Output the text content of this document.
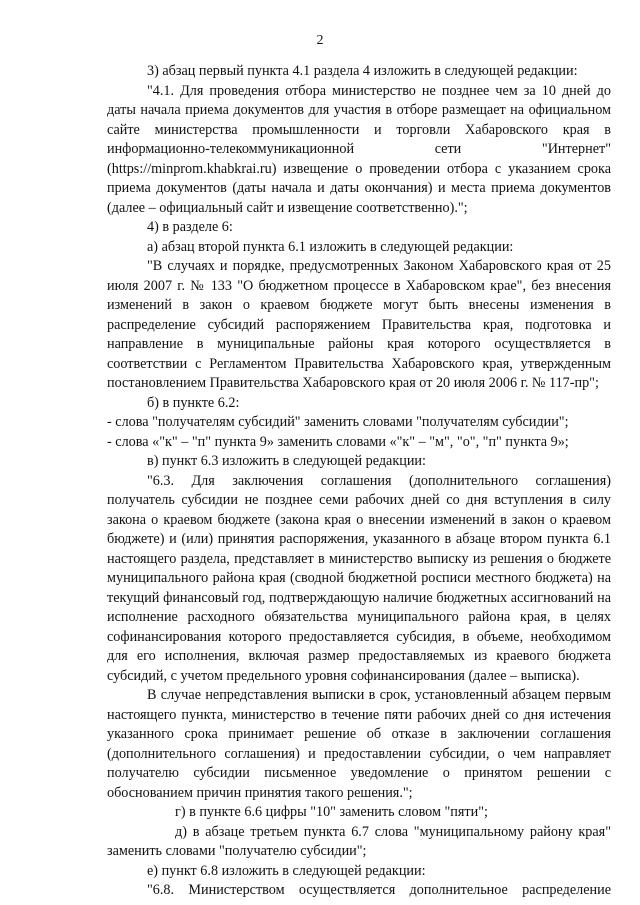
2

3) абзац первый пункта 4.1 раздела 4 изложить в следующей редакции:

"4.1. Для проведения отбора министерство не позднее чем за 10 дней до даты начала приема документов для участия в отборе размещает на официальном сайте министерства промышленности и торговли Хабаровского края в информационно-телекоммуникационной сети "Интернет" (https://minprom.khabkrai.ru) извещение о проведении отбора с указанием срока приема документов (даты начала и даты окончания) и места приема документов (далее – официальный сайт и извещение соответственно).";

4) в разделе 6:

а) абзац второй пункта 6.1 изложить в следующей редакции:

"В случаях и порядке, предусмотренных Законом Хабаровского края от 25 июля 2007 г. № 133 "О бюджетном процессе в Хабаровском крае", без внесения изменений в закон о краевом бюджете могут быть внесены изменения в распределение субсидий распоряжением Правительства края, подготовка и направление в муниципальные районы края которого осуществляется в соответствии с Регламентом Правительства Хабаровского края, утвержденным постановлением Правительства Хабаровского края от 20 июля 2006 г. № 117-пр";

б) в пункте 6.2:

- слова "получателям субсидий" заменить словами "получателям субсидии";

- слова «"к" – "п" пункта 9» заменить словами «"к" – "м", "о", "п" пункта 9»;

в) пункт 6.3 изложить в следующей редакции:

"6.3. Для заключения соглашения (дополнительного соглашения) получатель субсидии не позднее семи рабочих дней со дня вступления в силу закона о краевом бюджете (закона края о внесении изменений в закон о краевом бюджете) и (или) принятия распоряжения, указанного в абзаце втором пункта 6.1 настоящего раздела, представляет в министерство выписку из решения о бюджете муниципального района края (сводной бюджетной росписи местного бюджета) на текущий финансовый год, подтверждающую наличие бюджетных ассигнований на исполнение расходного обязательства муниципального района края, в целях софинансирования которого предоставляется субсидия, в объеме, необходимом для его исполнения, включая размер предоставляемых из краевого бюджета субсидий, с учетом предельного уровня софинансирования (далее – выписка).

В случае непредставления выписки в срок, установленный абзацем первым настоящего пункта, министерство в течение пяти рабочих дней со дня истечения указанного срока принимает решение об отказе в заключении соглашения (дополнительного соглашения) и предоставлении субсидии, о чем направляет получателю субсидии письменное уведомление о принятом решении с обоснованием причин принятия такого решения.";

г) в пункте 6.6 цифры "10" заменить словом "пяти";

д) в абзаце третьем пункта 6.7 слова "муниципальному району края" заменить словами "получателю субсидии";

е) пункт 6.8 изложить в следующей редакции:

"6.8. Министерством осуществляется дополнительное распределение
